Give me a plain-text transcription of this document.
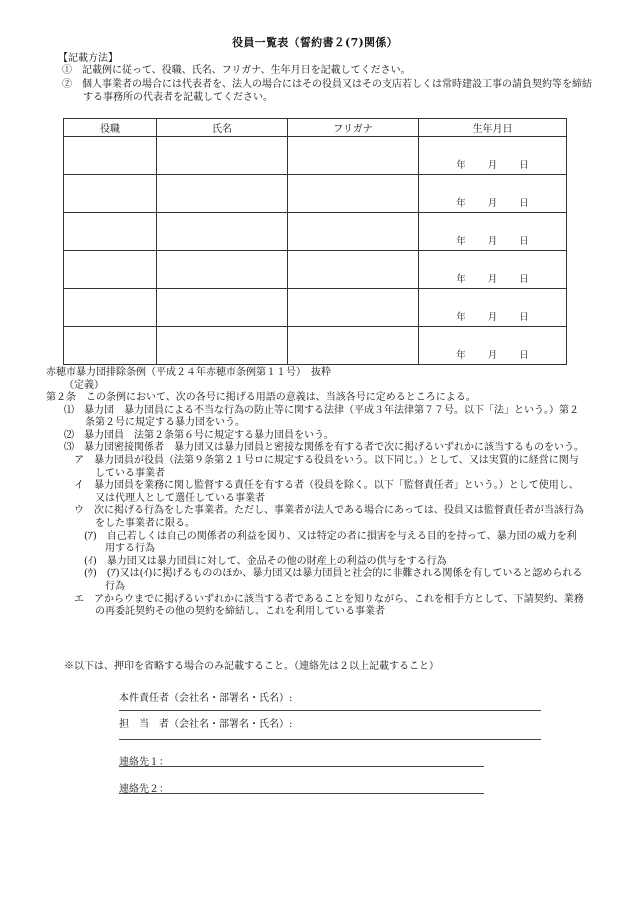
役員一覧表（誓約書２(7)関係）
【記載方法】
①　記載例に従って、役職、氏名、フリガナ、生年月日を記載してください。
②　個人事業者の場合には代表者を、法人の場合にはその役員又はその支店若しくは常時建設工事の請負契約等を締結する事務所の代表者を記載してください。
役職	氏名	フリガナ	生年月日

			年 月 日

			年 月 日

			年 月 日

			年 月 日

			年 月 日

			年 月 日
赤穂市暴力団排除条例（平成２４年赤穂市条例第１１号）　抜粋
（定義）
第２条　この条例において、次の各号に掲げる用語の意義は、当該各号に定めるところによる。
⑴　暴力団　暴力団員による不当な行為の防止等に関する法律（平成３年法律第７７号。以下「法」という。）第２条第２号に規定する暴力団をいう。
⑵　暴力団員　法第２条第６号に規定する暴力団員をいう。
⑶　暴力団密接関係者　暴力団又は暴力団員と密接な関係を有する者で次に掲げるいずれかに該当するものをいう。
ア　暴力団員が役員（法第９条第２１号ロに規定する役員をいう。以下同じ。）として、又は実質的に経営に関与している事業者
イ　暴力団員を業務に関し監督する責任を有する者（役員を除く。以下「監督責任者」という。）として使用し、又は代理人として選任している事業者
ウ　次に掲げる行為をした事業者。ただし、事業者が法人である場合にあっては、役員又は監督責任者が当該行為をした事業者に限る。
(ｱ)　自己若しくは自己の関係者の利益を図り、又は特定の者に損害を与える目的を持って、暴力団の威力を利用する行為
(ｲ)　暴力団又は暴力団員に対して、金品その他の財産上の利益の供与をする行為
(ｳ)　(ｱ)又は(ｲ)に掲げるもののほか、暴力団又は暴力団員と社会的に非難される関係を有していると認められる行為
エ　アからウまでに掲げるいずれかに該当する者であることを知りながら、これを相手方として、下請契約、業務の再委託契約その他の契約を締結し、これを利用している事業者
※以下は、押印を省略する場合のみ記載すること。（連絡先は２以上記載すること）
本件責任者（会社名・部署名・氏名）:
担　当　者（会社名・部署名・氏名）:
連絡先１：
連絡先２：
